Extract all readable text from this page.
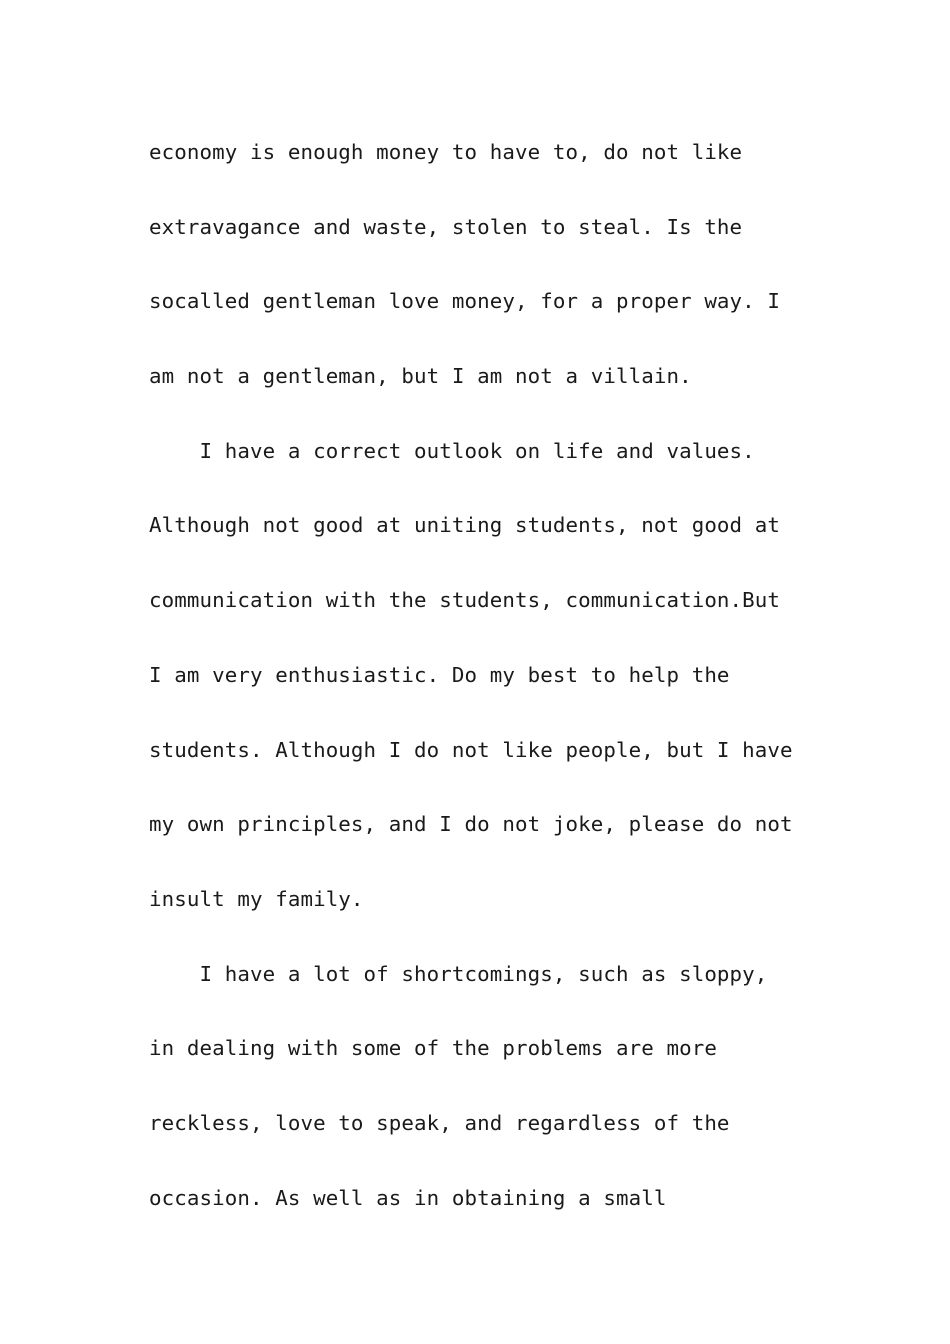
economy is enough money to have to, do not like
extravagance and waste, stolen to steal. Is the
socalled gentleman love money, for a proper way. I
am not a gentleman, but I am not a villain.
I have a correct outlook on life and values.
Although not good at uniting students, not good at
communication with the students, communication.But
I am very enthusiastic. Do my best to help the
students. Although I do not like people, but I have
my own principles, and I do not joke, please do not
insult my family.
I have a lot of shortcomings, such as sloppy,
in dealing with some of the problems are more
reckless, love to speak, and regardless of the
occasion. As well as in obtaining a small
